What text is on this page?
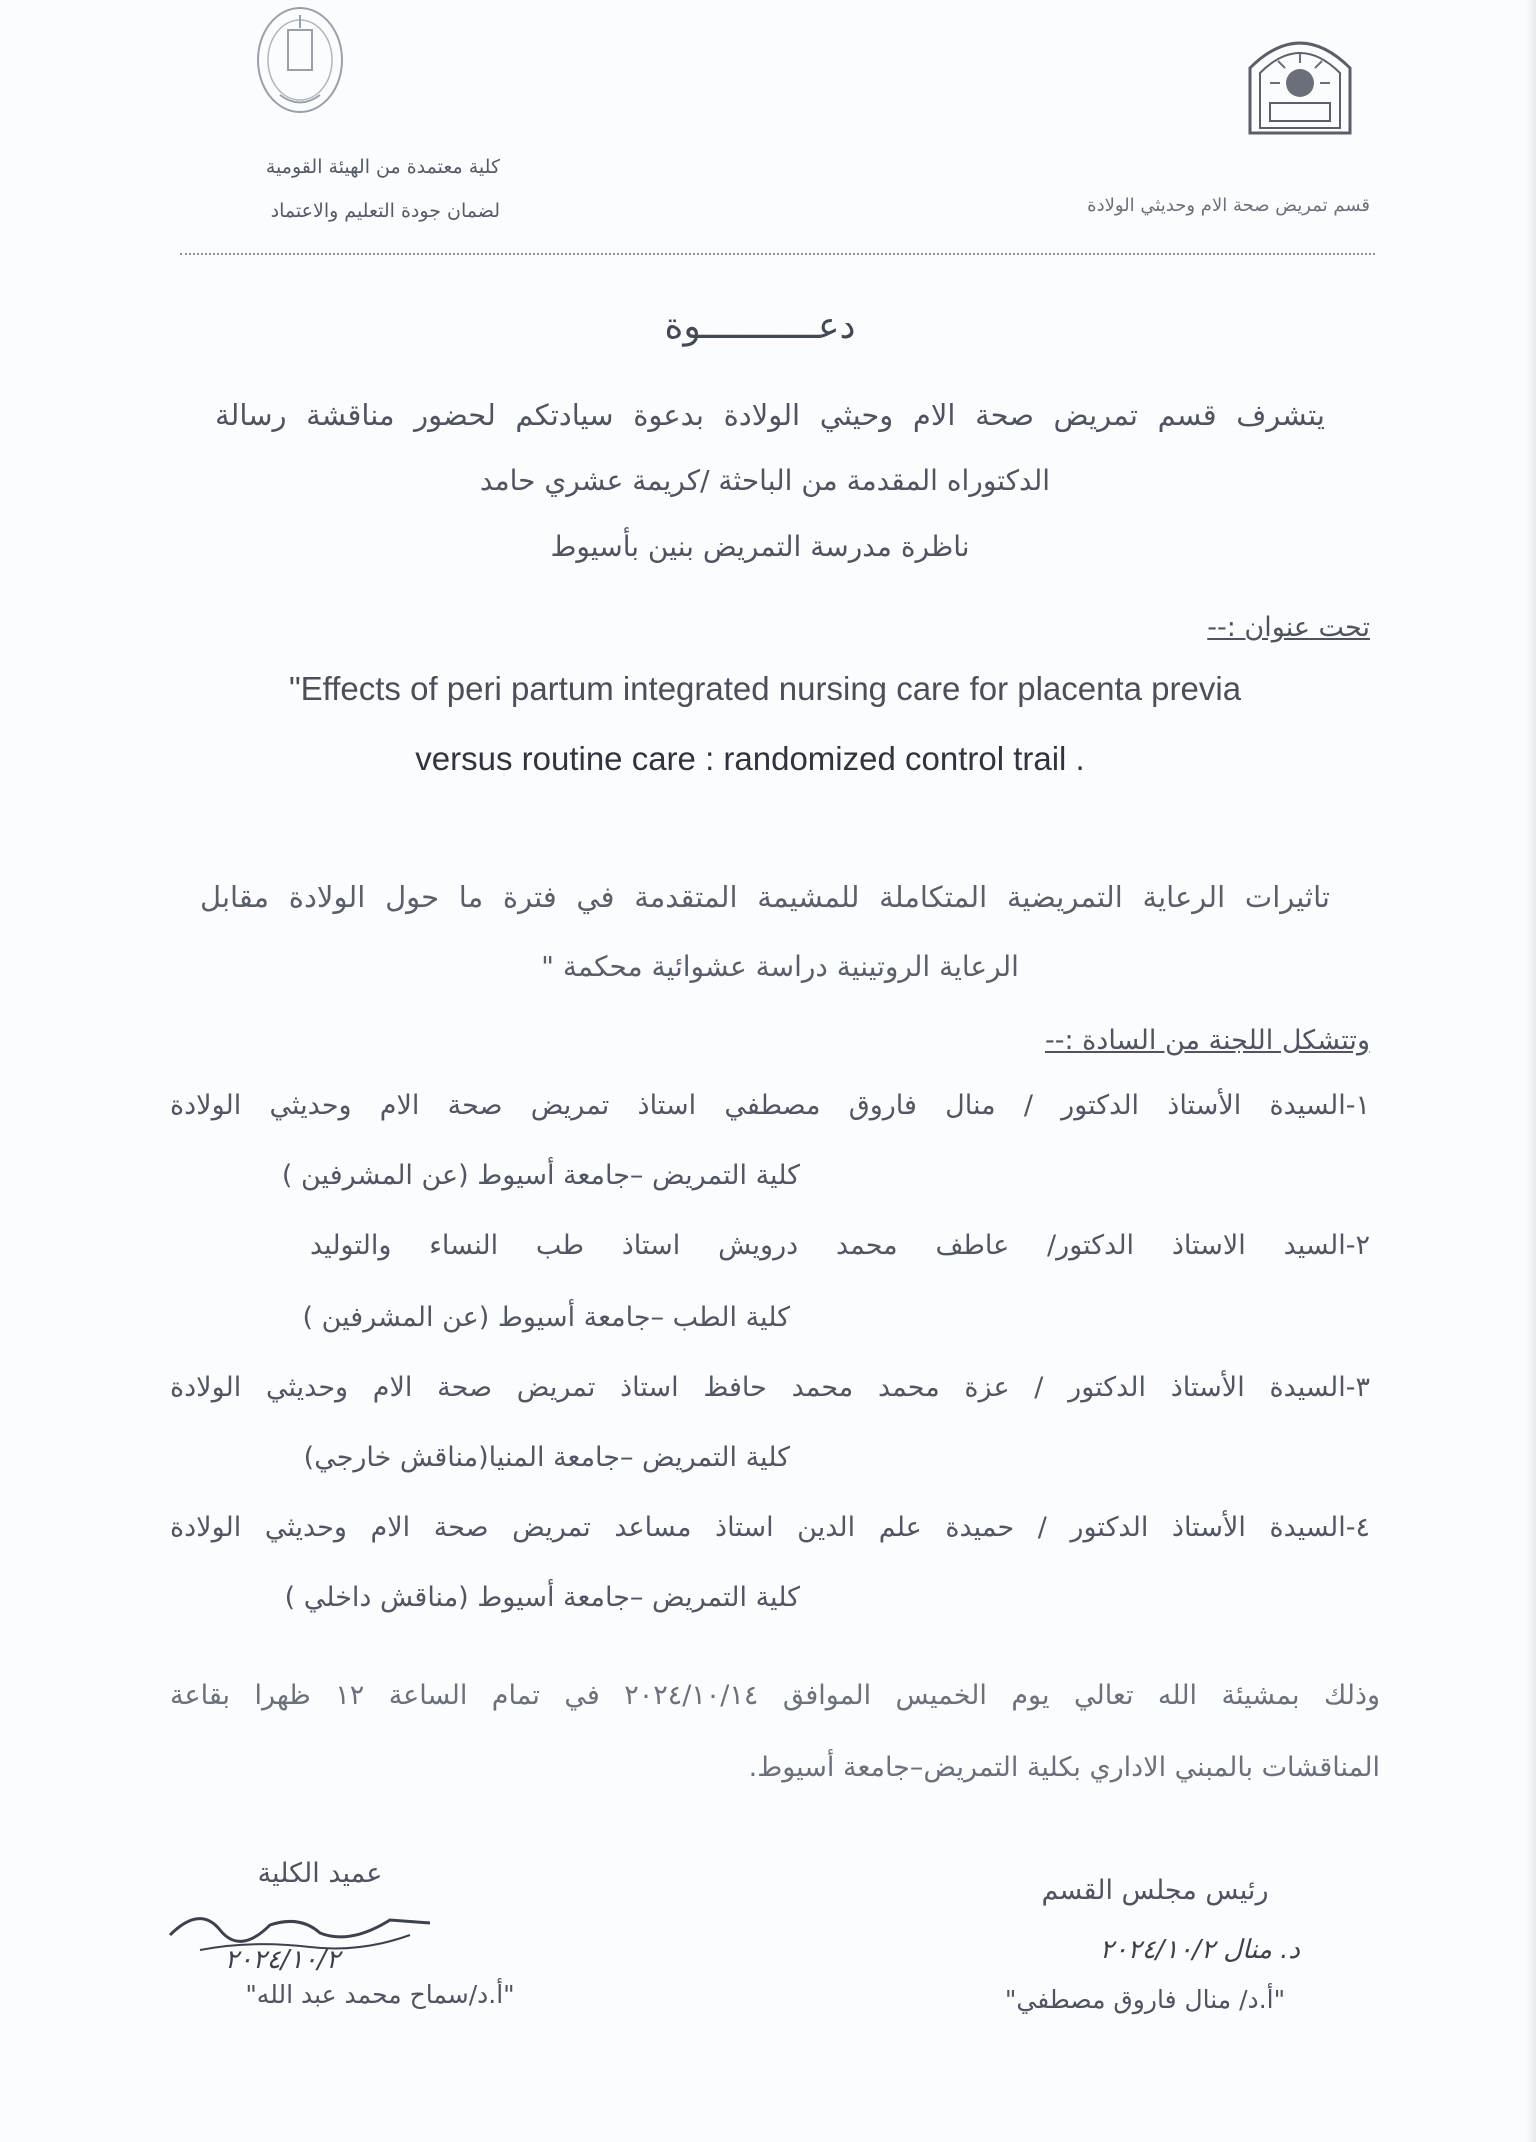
كلية معتمدة من الهيئة القومية
لضمان جودة التعليم والاعتماد	قسم تمريض صحة الام وحديثي الولادة
دعـــــــــــوة
يتشرف قسم تمريض صحة الام وحيثي الولادة بدعوة سيادتكم لحضور مناقشة رسالة
الدكتوراه المقدمة من الباحثة /كريمة عشري حامد
ناظرة مدرسة التمريض بنين بأسيوط
تحت عنوان :--
"Effects of peri partum integrated nursing care for placenta previa
versus routine care : randomized control trail .
تاثيرات الرعاية التمريضية المتكاملة للمشيمة المتقدمة في فترة ما حول الولادة مقابل
الرعاية الروتينية دراسة عشوائية محكمة "
وتتشكل اللجنة من السادة :--
١-السيدة الأستاذ الدكتور / منال فاروق مصطفي استاذ تمريض صحة الام وحديثي الولادة
كلية التمريض –جامعة أسيوط (عن المشرفين )
٢-السيد الاستاذ الدكتور/ عاطف محمد درويش استاذ طب النساء والتوليد
كلية الطب –جامعة أسيوط (عن المشرفين )
٣-السيدة الأستاذ الدكتور / عزة محمد محمد حافظ استاذ تمريض صحة الام وحديثي الولادة
كلية التمريض –جامعة المنيا(مناقش خارجي)
٤-السيدة الأستاذ الدكتور / حميدة علم الدين استاذ مساعد تمريض صحة الام وحديثي الولادة
كلية التمريض –جامعة أسيوط (مناقش داخلي )
وذلك بمشيئة الله تعالي يوم الخميس الموافق ٢٠٢٤/١٠/١٤ في تمام الساعة ١٢ ظهرا بقاعة
المناقشات بالمبني الاداري بكلية التمريض–جامعة أسيوط.
عميد الكلية
٢٠٢٤/١٠/٢
"أ.د/سماح محمد عبد الله"
رئيس مجلس القسم
د. منال ٢٠٢٤/١٠/٢
"أ.د/ منال فاروق مصطفي"
